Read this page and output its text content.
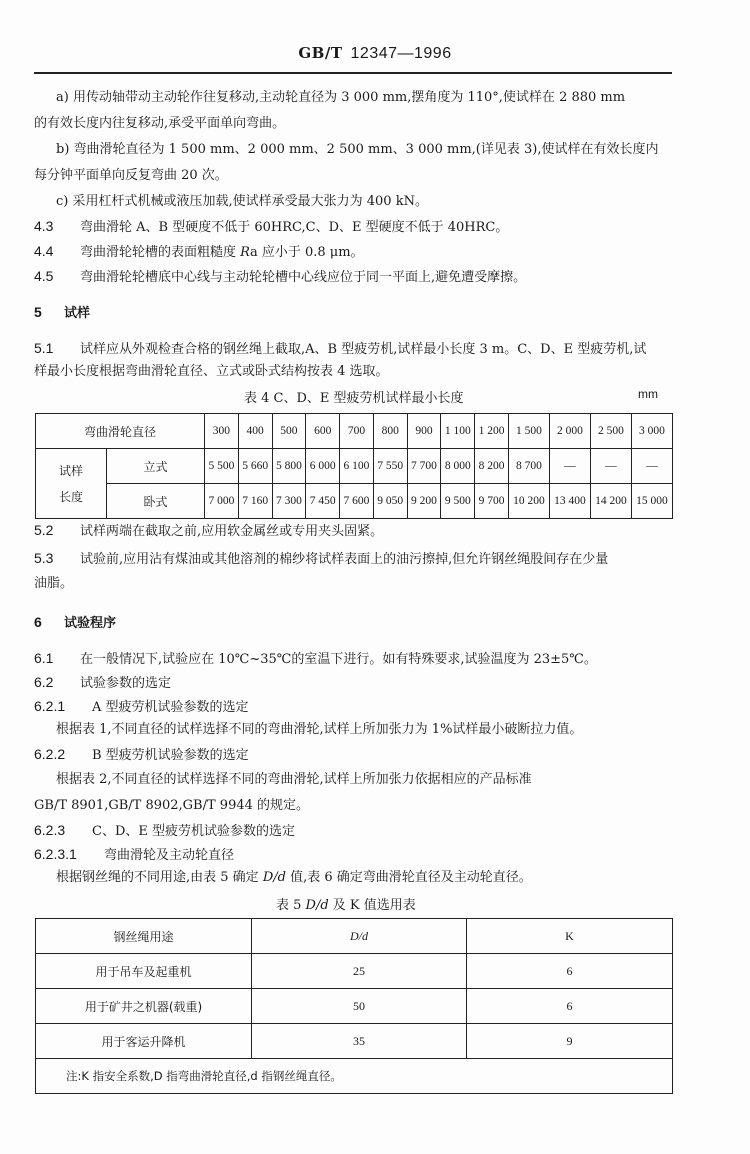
GB/T 12347—1996
a) 用传动轴带动主动轮作往复移动,主动轮直径为 3 000 mm,摆角度为 110°,使试样在 2 880 mm
的有效长度内往复移动,承受平面单向弯曲。
b) 弯曲滑轮直径为 1 500 mm、2 000 mm、2 500 mm、3 000 mm,(详见表 3),使试样在有效长度内
每分钟平面单向反复弯曲 20 次。
c) 采用杠杆式机械或液压加载,使试样承受最大张力为 400 kN。
4.3 弯曲滑轮 A、B 型硬度不低于 60HRC,C、D、E 型硬度不低于 40HRC。
4.4 弯曲滑轮轮槽的表面粗糙度 Ra 应小于 0.8 μm。
4.5 弯曲滑轮轮槽底中心线与主动轮轮槽中心线应位于同一平面上,避免遭受摩擦。
5 试样
5.1 试样应从外观检查合格的钢丝绳上截取,A、B 型疲劳机,试样最小长度 3 m。C、D、E 型疲劳机,试
样最小长度根据弯曲滑轮直径、立式或卧式结构按表 4 选取。
表 4 C、D、E 型疲劳机试样最小长度	mm
弯曲滑轮直径		300	400	500	600	700	800	900	1 100	1 200	1 500	2 000	2 500	3 000

试样
长度	立式	5 500	5 660	5 800	6 000	6 100	7 550	7 700	8 000	8 200	8 700	—	—	—
	卧式	7 000	7 160	7 300	7 450	7 600	9 050	9 200	9 500	9 700	10 200	13 400	14 200	15 000
5.2 试样两端在截取之前,应用软金属丝或专用夹头固紧。
5.3 试验前,应用沾有煤油或其他溶剂的棉纱将试样表面上的油污擦掉,但允许钢丝绳股间存在少量
油脂。
6 试验程序
6.1 在一般情况下,试验应在 10℃~35℃的室温下进行。如有特殊要求,试验温度为 23±5℃。
6.2 试验参数的选定
6.2.1 A 型疲劳机试验参数的选定
根据表 1,不同直径的试样选择不同的弯曲滑轮,试样上所加张力为 1%试样最小破断拉力值。
6.2.2 B 型疲劳机试验参数的选定
根据表 2,不同直径的试样选择不同的弯曲滑轮,试样上所加张力依据相应的产品标准
GB/T 8901,GB/T 8902,GB/T 9944 的规定。
6.2.3 C、D、E 型疲劳机试验参数的选定
6.2.3.1 弯曲滑轮及主动轮直径
根据钢丝绳的不同用途,由表 5 确定 D/d 值,表 6 确定弯曲滑轮直径及主动轮直径。
表 5 D/d 及 K 值选用表
钢丝绳用途	D/d	K
用于吊车及起重机	25	6
用于矿井之机器(载重)	50	6
用于客运升降机	35	9
注:K 指安全系数,D 指弯曲滑轮直径,d 指钢丝绳直径。		
